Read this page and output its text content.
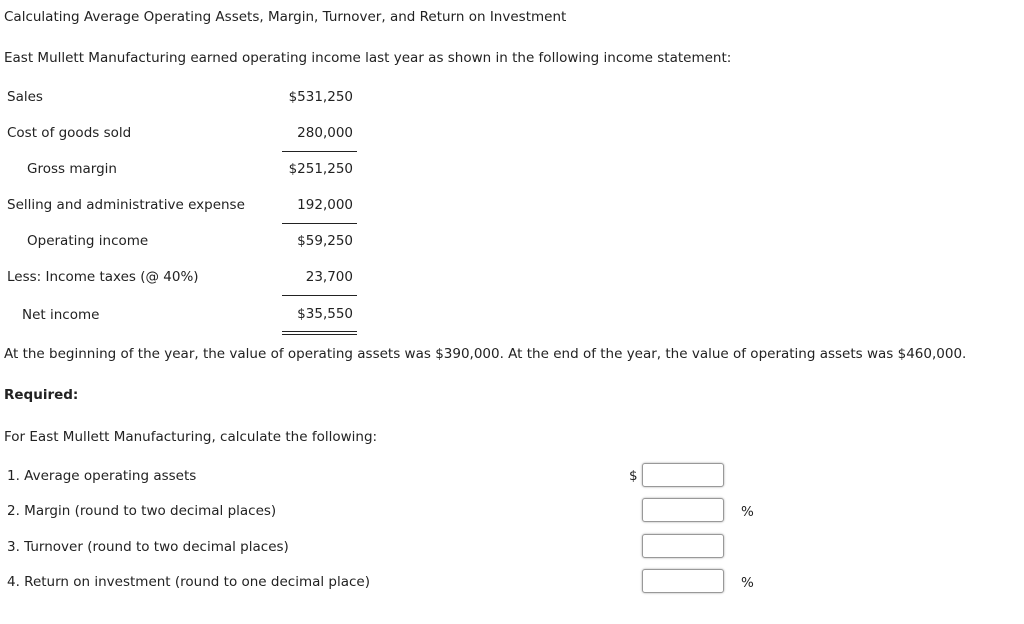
Calculating Average Operating Assets, Margin, Turnover, and Return on Investment
East Mullett Manufacturing earned operating income last year as shown in the following income statement:
Sales	$531,250
Cost of goods sold	280,000
Gross margin	$251,250
Selling and administrative expense	192,000
Operating income	$59,250
Less: Income taxes (@ 40%)	23,700
Net income	$35,550
At the beginning of the year, the value of operating assets was $390,000. At the end of the year, the value of operating assets was $460,000.
Required:
For East Mullett Manufacturing, calculate the following:
1. Average operating assets	$
2. Margin (round to two decimal places)	%
3. Turnover (round to two decimal places)
4. Return on investment (round to one decimal place)	%
